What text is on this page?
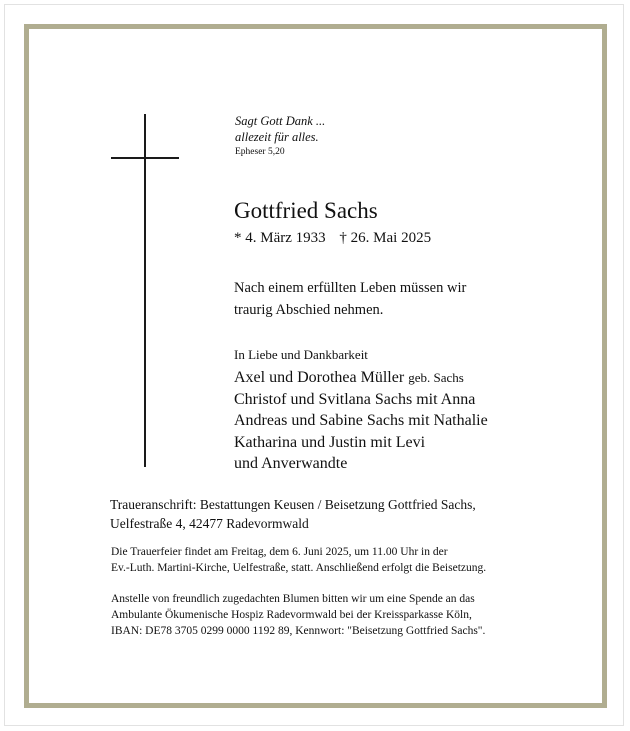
Sagt Gott Dank ...
allezeit für alles.
Epheser 5,20
Gottfried Sachs
* 4. März 1933 † 26. Mai 2025
Nach einem erfüllten Leben müssen wir
traurig Abschied nehmen.
In Liebe und Dankbarkeit
Axel und Dorothea Müller geb. Sachs
Christof und Svitlana Sachs mit Anna
Andreas und Sabine Sachs mit Nathalie
Katharina und Justin mit Levi
und Anverwandte
Traueranschrift: Bestattungen Keusen / Beisetzung Gottfried Sachs,
Uelfestraße 4, 42477 Radevormwald
Die Trauerfeier findet am Freitag, dem 6. Juni 2025, um 11.00 Uhr in der
Ev.-Luth. Martini-Kirche, Uelfestraße, statt. Anschließend erfolgt die Beisetzung.
Anstelle von freundlich zugedachten Blumen bitten wir um eine Spende an das
Ambulante Ökumenische Hospiz Radevormwald bei der Kreissparkasse Köln,
IBAN: DE78 3705 0299 0000 1192 89, Kennwort: "Beisetzung Gottfried Sachs".
